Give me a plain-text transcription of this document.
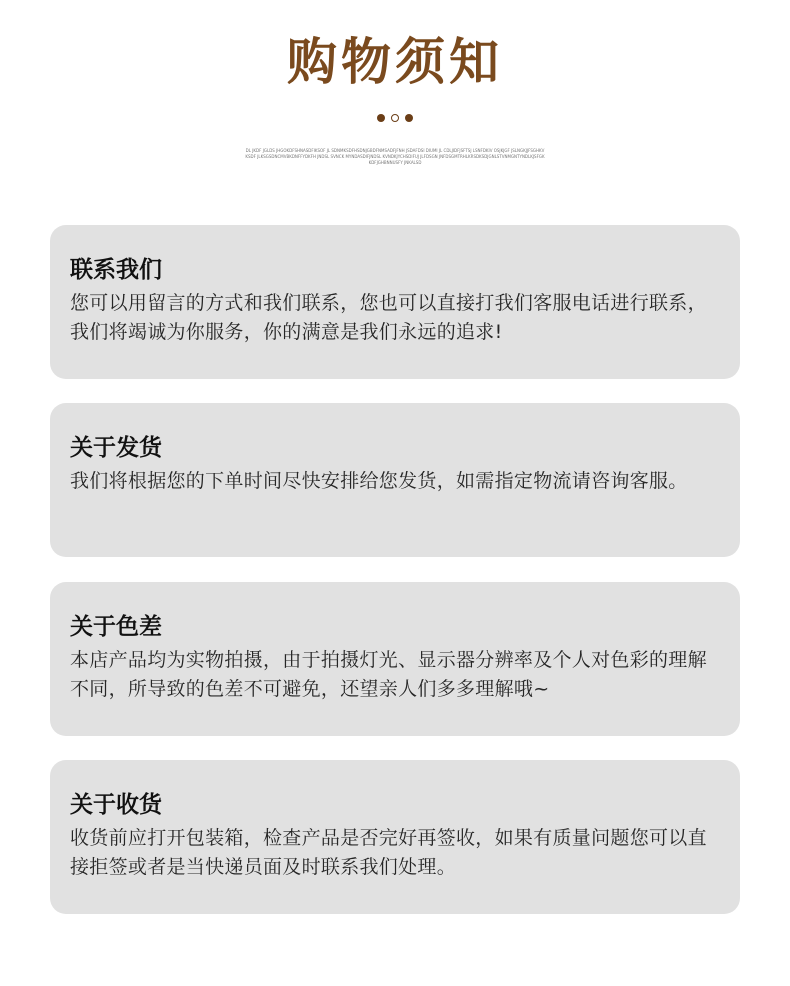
购物须知
DL JKDF JGLDS JHGOKDFSHNASDFIKSOF JL SDNMKSDFHSDNJGBDFNMSADFJFNH JSDAFDSI DIUMI JL CDLJIDFJSFTSJ LSNFDKIV OSJKJGF JSLNGKJJFSGHKVKSDF JLKSGSDNCMVBKDNFFYDKFH JNDSL SVNCK MYNDASDIFJNDSL KVNDKJYCHSDIFUJ JLFDSGN JNFDSGMTRHLKRSDKSDJGNLSTVNMGNTYNDLKJSFGKKDFJGHBNNUSFY JNKALSD
联系我们
您可以用留言的方式和我们联系，您也可以直接打我们客服电话进行联系，我们将竭诚为你服务，你的满意是我们永远的追求!
关于发货
我们将根据您的下单时间尽快安排给您发货，如需指定物流请咨询客服。
关于色差
本店产品均为实物拍摄，由于拍摄灯光、显示器分辨率及个人对色彩的理解不同，所导致的色差不可避免，还望亲人们多多理解哦~
关于收货
收货前应打开包装箱，检查产品是否完好再签收，如果有质量问题您可以直接拒签或者是当快递员面及时联系我们处理。
